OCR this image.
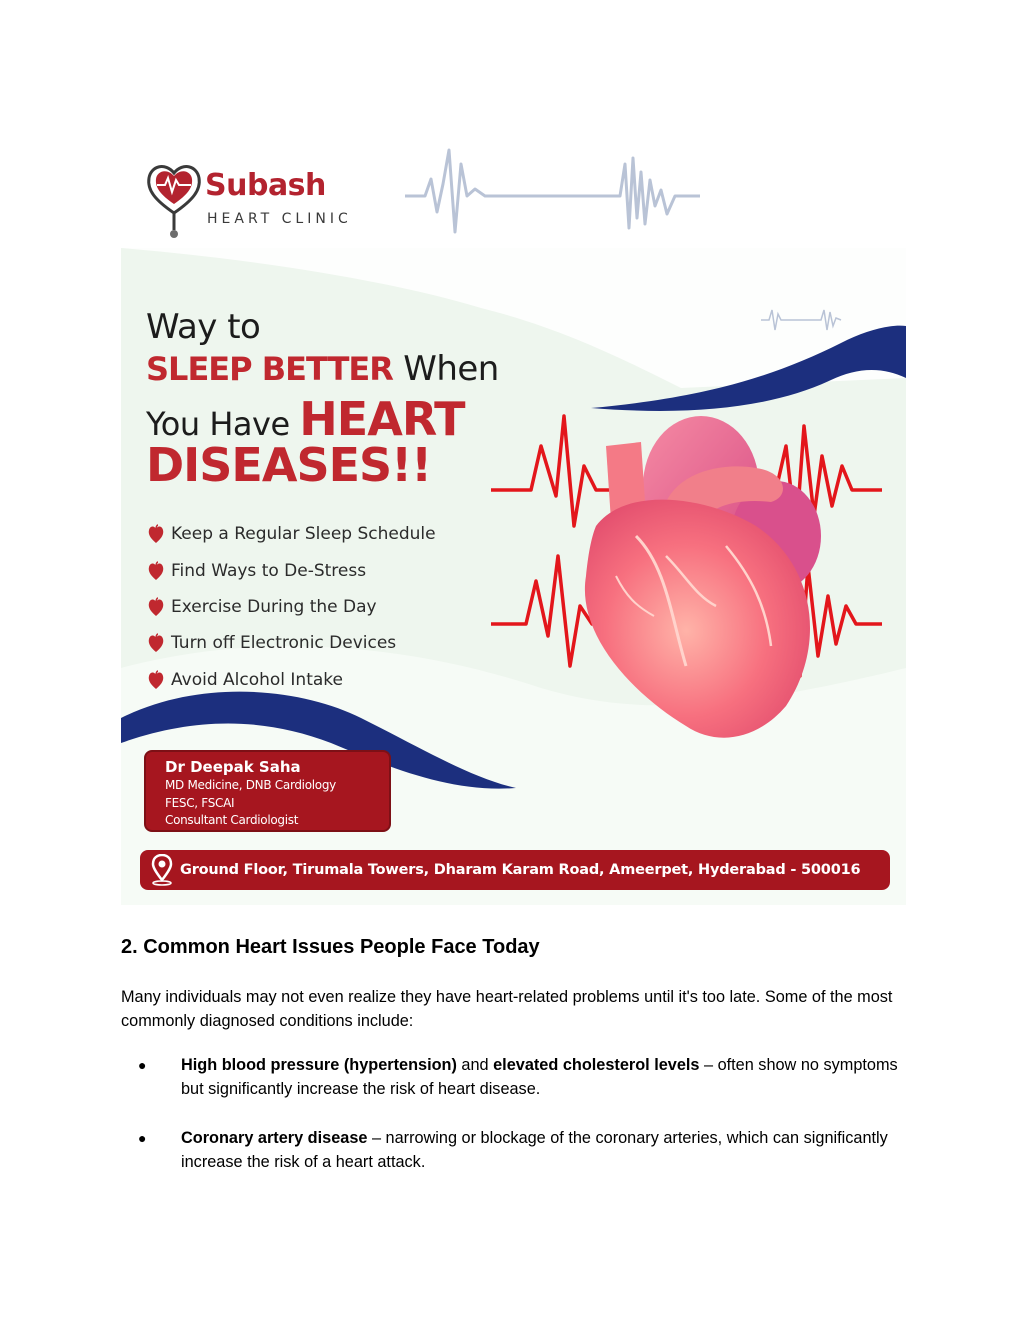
Subash
HEART CLINIC
Way to
SLEEP BETTER When
You Have HEART
DISEASES!!
Keep a Regular Sleep Schedule
Find Ways to De-Stress
Exercise During the Day
Turn off Electronic Devices
Avoid Alcohol Intake
Dr Deepak Saha
MD Medicine, DNB Cardiology
FESC, FSCAI
Consultant Cardiologist
Ground Floor, Tirumala Towers, Dharam Karam Road, Ameerpet, Hyderabad - 500016
2. Common Heart Issues People Face Today

Many individuals may not even realize they have heart-related problems until it's too late. Some of the most commonly diagnosed conditions include:

● High blood pressure (hypertension) and elevated cholesterol levels – often show no symptoms but significantly increase the risk of heart disease.
● Coronary artery disease – narrowing or blockage of the coronary arteries, which can significantly increase the risk of a heart attack.
